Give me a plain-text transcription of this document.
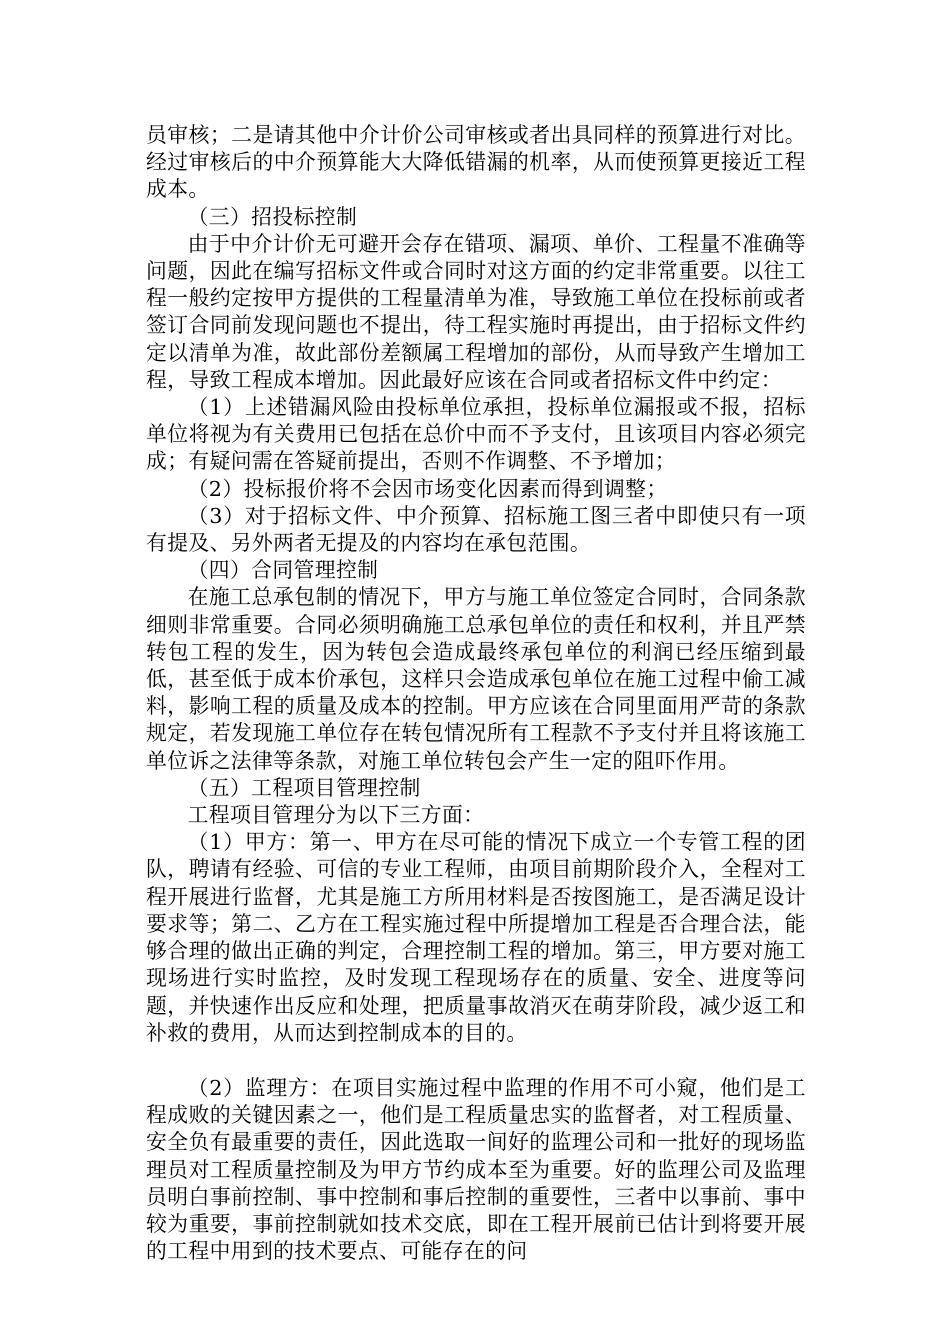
员审核；二是请其他中介计价公司审核或者出具同样的预算进行对比。经过审核后的中介预算能大大降低错漏的机率，从而使预算更接近工程成本。

（三）招投标控制

由于中介计价无可避开会存在错项、漏项、单价、工程量不准确等问题，因此在编写招标文件或合同时对这方面的约定非常重要。以往工程一般约定按甲方提供的工程量清单为准，导致施工单位在投标前或者签订合同前发现问题也不提出，待工程实施时再提出，由于招标文件约定以清单为准，故此部份差额属工程增加的部份，从而导致产生增加工程，导致工程成本增加。因此最好应该在合同或者招标文件中约定：

（1）上述错漏风险由投标单位承担，投标单位漏报或不报，招标单位将视为有关费用已包括在总价中而不予支付，且该项目内容必须完成；有疑问需在答疑前提出，否则不作调整、不予增加；

（2）投标报价将不会因市场变化因素而得到调整；

（3）对于招标文件、中介预算、招标施工图三者中即使只有一项有提及、另外两者无提及的内容均在承包范围。

（四）合同管理控制

在施工总承包制的情况下，甲方与施工单位签定合同时，合同条款细则非常重要。合同必须明确施工总承包单位的责任和权利，并且严禁转包工程的发生，因为转包会造成最终承包单位的利润已经压缩到最低，甚至低于成本价承包，这样只会造成承包单位在施工过程中偷工减料，影响工程的质量及成本的控制。甲方应该在合同里面用严苛的条款规定，若发现施工单位存在转包情况所有工程款不予支付并且将该施工单位诉之法律等条款，对施工单位转包会产生一定的阻吓作用。

（五）工程项目管理控制

工程项目管理分为以下三方面：

（1）甲方：第一、甲方在尽可能的情况下成立一个专管工程的团队，聘请有经验、可信的专业工程师，由项目前期阶段介入，全程对工程开展进行监督，尤其是施工方所用材料是否按图施工，是否满足设计要求等；第二、乙方在工程实施过程中所提增加工程是否合理合法，能够合理的做出正确的判定，合理控制工程的增加。第三，甲方要对施工现场进行实时监控，及时发现工程现场存在的质量、安全、进度等问题，并快速作出反应和处理，把质量事故消灭在萌芽阶段，减少返工和补救的费用，从而达到控制成本的目的。

（2）监理方：在项目实施过程中监理的作用不可小窥，他们是工程成败的关键因素之一，他们是工程质量忠实的监督者，对工程质量、安全负有最重要的责任，因此选取一间好的监理公司和一批好的现场监理员对工程质量控制及为甲方节约成本至为重要。好的监理公司及监理员明白事前控制、事中控制和事后控制的重要性，三者中以事前、事中较为重要，事前控制就如技术交底，即在工程开展前已估计到将要开展的工程中用到的技术要点、可能存在的问
